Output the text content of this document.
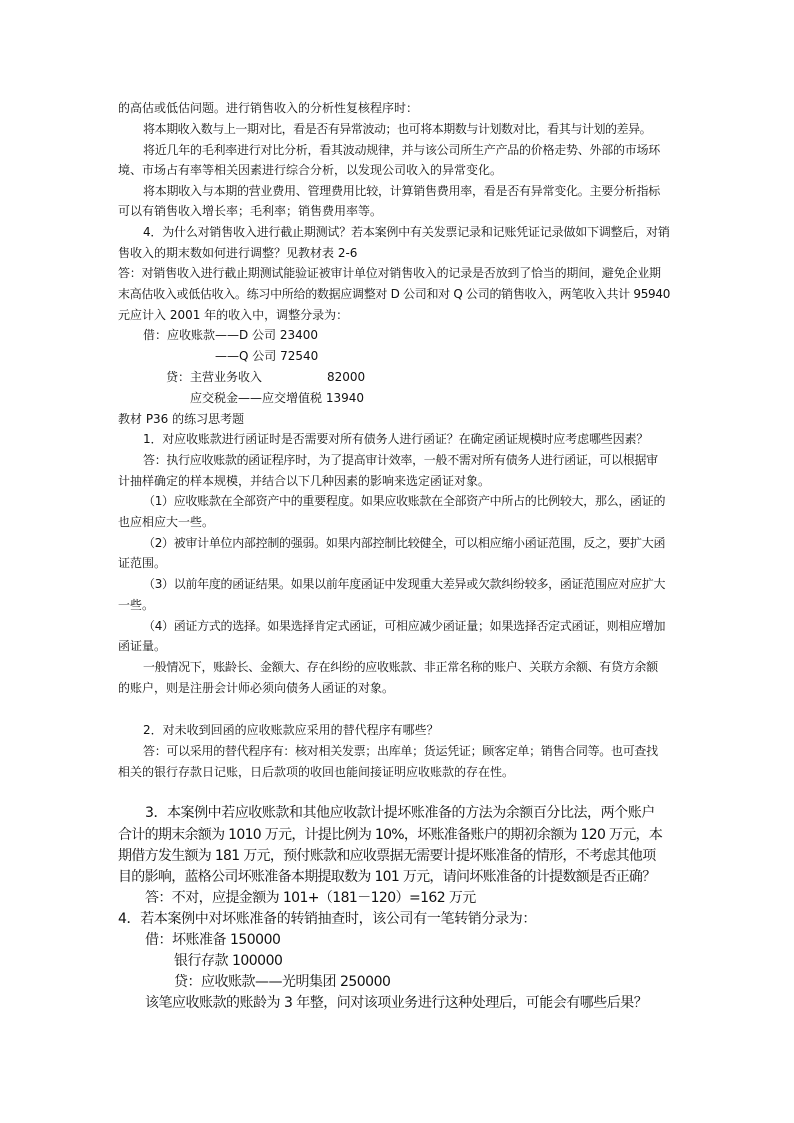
的高估或低估问题。进行销售收入的分析性复核程序时：

将本期收入数与上一期对比，看是否有异常波动；也可将本期数与计划数对比，看其与计划的差异。

将近几年的毛利率进行对比分析，看其波动规律，并与该公司所生产产品的价格走势、外部的市场环

境、市场占有率等相关因素进行综合分析，以发现公司收入的异常变化。

将本期收入与本期的营业费用、管理费用比较，计算销售费用率，看是否有异常变化。主要分析指标

可以有销售收入增长率；毛利率；销售费用率等。

4．为什么对销售收入进行截止期测试？若本案例中有关发票记录和记账凭证记录做如下调整后，对销

售收入的期末数如何进行调整？见教材表 2-6

答：对销售收入进行截止期测试能验证被审计单位对销售收入的记录是否放到了恰当的期间，避免企业期

末高估收入或低估收入。练习中所给的数据应调整对 D 公司和对 Q 公司的销售收入，两笔收入共计 95940

元应计入 2001 年的收入中，调整分录为：

借：应收账款——D 公司 23400

——Q 公司 72540

贷：主营业务收入	82000

应交税金——应交增值税 13940

教材 P36 的练习思考题

1．对应收账款进行函证时是否需要对所有债务人进行函证？在确定函证规模时应考虑哪些因素？

答：执行应收账款的函证程序时，为了提高审计效率，一般不需对所有债务人进行函证，可以根据审

计抽样确定的样本规模，并结合以下几种因素的影响来选定函证对象。

（1）应收账款在全部资产中的重要程度。如果应收账款在全部资产中所占的比例较大，那么，函证的

也应相应大一些。

（2）被审计单位内部控制的强弱。如果内部控制比较健全，可以相应缩小函证范围，反之，要扩大函

证范围。

（3）以前年度的函证结果。如果以前年度函证中发现重大差异或欠款纠纷较多，函证范围应对应扩大

一些。

（4）函证方式的选择。如果选择肯定式函证，可相应减少函证量；如果选择否定式函证，则相应增加

函证量。

一般情况下，账龄长、金额大、存在纠纷的应收账款、非正常名称的账户、关联方余额、有贷方余额

的账户，则是注册会计师必须向债务人函证的对象。

2．对未收到回函的应收账款应采用的替代程序有哪些？

答：可以采用的替代程序有：核对相关发票；出库单；货运凭证；顾客定单；销售合同等。也可查找

相关的银行存款日记账，日后款项的收回也能间接证明应收账款的存在性。

3．本案例中若应收账款和其他应收款计提坏账准备的方法为余额百分比法，两个账户

合计的期末余额为 1010 万元，计提比例为 10%，坏账准备账户的期初余额为 120 万元，本

期借方发生额为 181 万元，预付账款和应收票据无需要计提坏账准备的情形，不考虑其他项

目的影响，蓝格公司坏账准备本期提取数为 101 万元，请问坏账准备的计提数额是否正确？

答：不对，应提金额为 101+（181－120）=162 万元

4．若本案例中对坏账准备的转销抽查时，该公司有一笔转销分录为：

借：坏账准备 150000

银行存款 100000

贷：应收账款——光明集团 250000

该笔应收账款的账龄为 3 年整，问对该项业务进行这种处理后，可能会有哪些后果？
